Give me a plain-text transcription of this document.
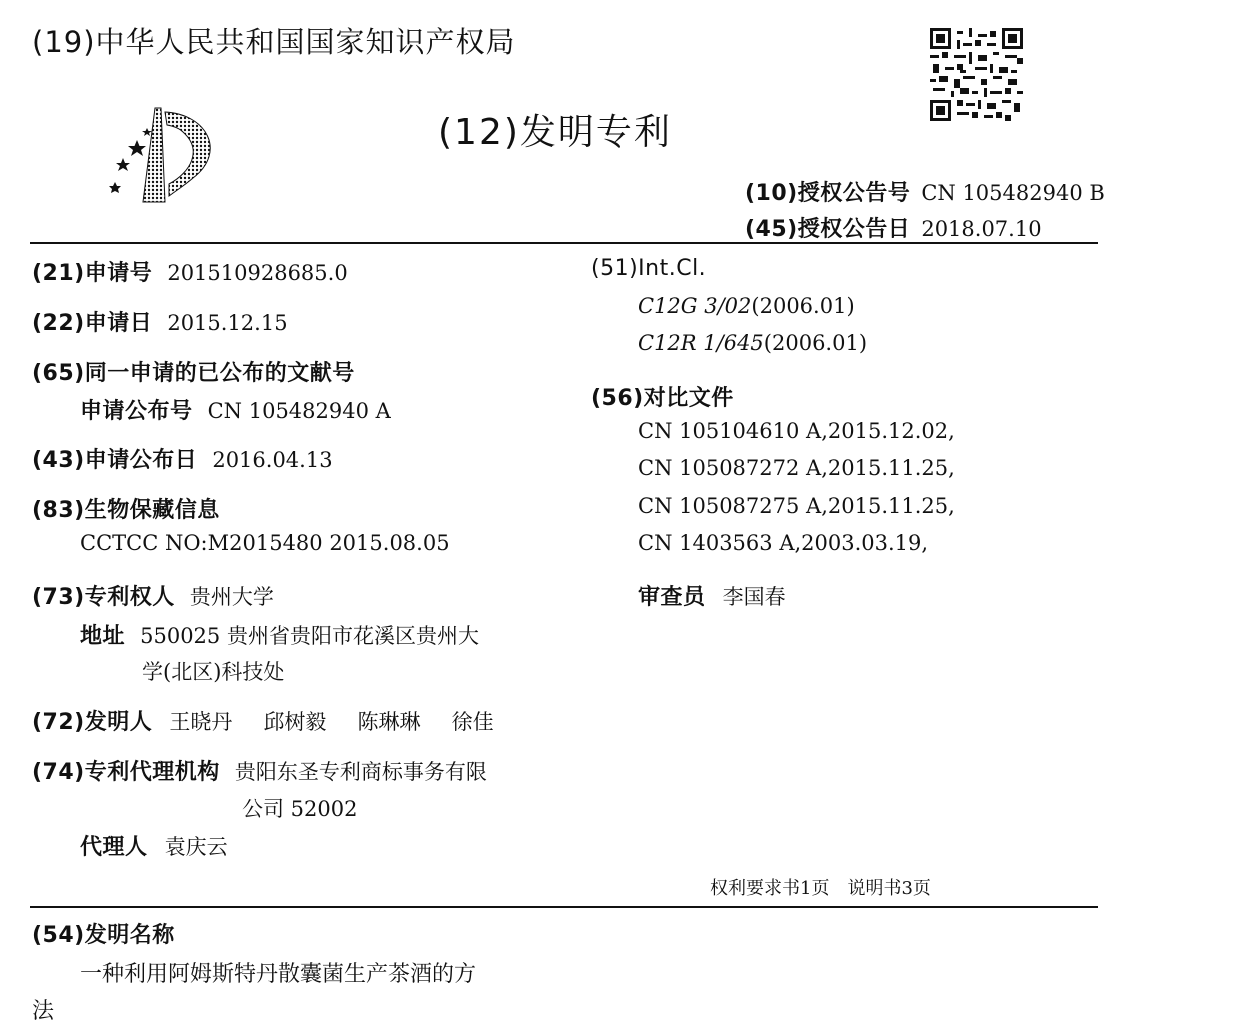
(19)中华人民共和国国家知识产权局
(12)发明专利
(10)授权公告号 CN 105482940 B
(45)授权公告日 2018.07.10
(21)申请号 201510928685.0
(22)申请日 2015.12.15
(65)同一申请的已公布的文献号
申请公布号 CN 105482940 A
(43)申请公布日 2016.04.13
(83)生物保藏信息
CCTCC NO:M2015480 2015.08.05
(73)专利权人 贵州大学
地址 550025 贵州省贵阳市花溪区贵州大
学(北区)科技处
(72)发明人 王晓丹 邱树毅 陈琳琳 徐佳
(74)专利代理机构 贵阳东圣专利商标事务有限
公司 52002
代理人 袁庆云
(51)Int.Cl.
C12G 3/02(2006.01)
C12R 1/645(2006.01)
(56)对比文件
CN 105104610 A,2015.12.02,
CN 105087272 A,2015.11.25,
CN 105087275 A,2015.11.25,
CN 1403563 A,2003.03.19,
审查员 李国春
权利要求书1页　说明书3页
(54)发明名称
一种利用阿姆斯特丹散囊菌生产茶酒的方
法
